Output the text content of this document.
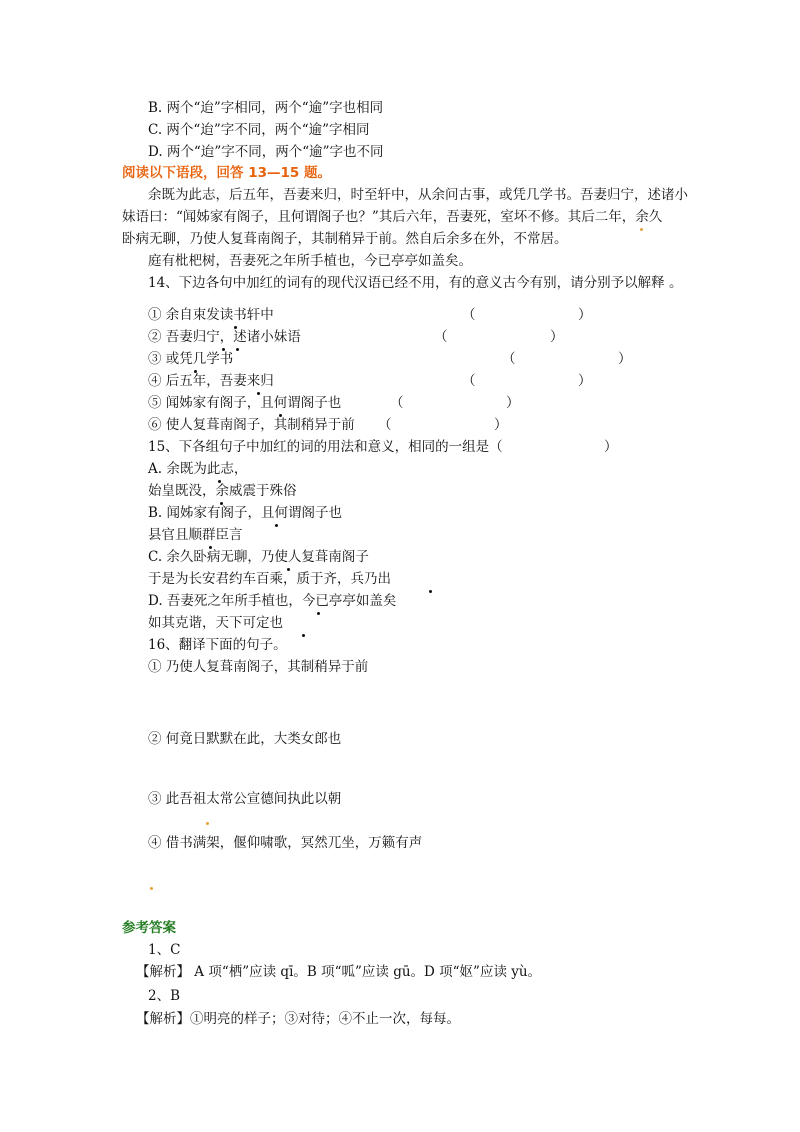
B. 两个“迨”字相同，两个“逾”字也相同
C. 两个“迨”字不同，两个“逾”字相同
D. 两个“迨”字不同，两个“逾”字也不同
阅读以下语段，回答 13—15 题。
余既为此志，后五年，吾妻来归，时至轩中，从余问古事，或凭几学书。吾妻归宁，述诸小
妹语曰：“闻姊家有阁子，且何谓阁子也？”其后六年，吾妻死，室坏不修。其后二年，余久
卧病无聊，乃使人复葺南阁子，其制稍异于前。然自后余多在外，不常居。
庭有枇杷树，吾妻死之年所手植也，今已亭亭如盖矣。
14、下边各句中加红的词有的现代汉语已经不用，有的意义古今有别，请分别予以解释 。
① 余自束发读书轩中	（	）
② 吾妻归宁，述诸小妹语	（	）
③ 或凭几学书	（	）
④ 后五年，吾妻来归	（	）
⑤ 闻姊家有阁子，且何谓阁子也	（	）
⑥ 使人复葺南阁子，其制稍异于前 （	）
15、下各组句子中加红的词的用法和意义，相同的一组是（	）
A. 余既为此志，
始皇既没，余威震于殊俗
B. 闻姊家有阁子，且何谓阁子也
县官且顺群臣言
C. 余久卧病无聊，乃使人复葺南阁子
于是为长安君约车百乘，质于齐，兵乃出
D. 吾妻死之年所手植也，今已亭亭如盖矣
如其克谐，天下可定也
16、翻译下面的句子。
① 乃使人复葺南阁子，其制稍异于前
② 何竟日默默在此，大类女郎也
③ 此吾祖太常公宣德间执此以朝
④ 借书满架，偃仰啸歌，冥然兀坐，万籁有声
参考答案
1、C
【解析】 A 项“栖”应读 qī。B 项“呱”应读 gū。D 项“妪”应读 yù。
2、B
【解析】①明亮的样子；③对待；④不止一次，每每。
